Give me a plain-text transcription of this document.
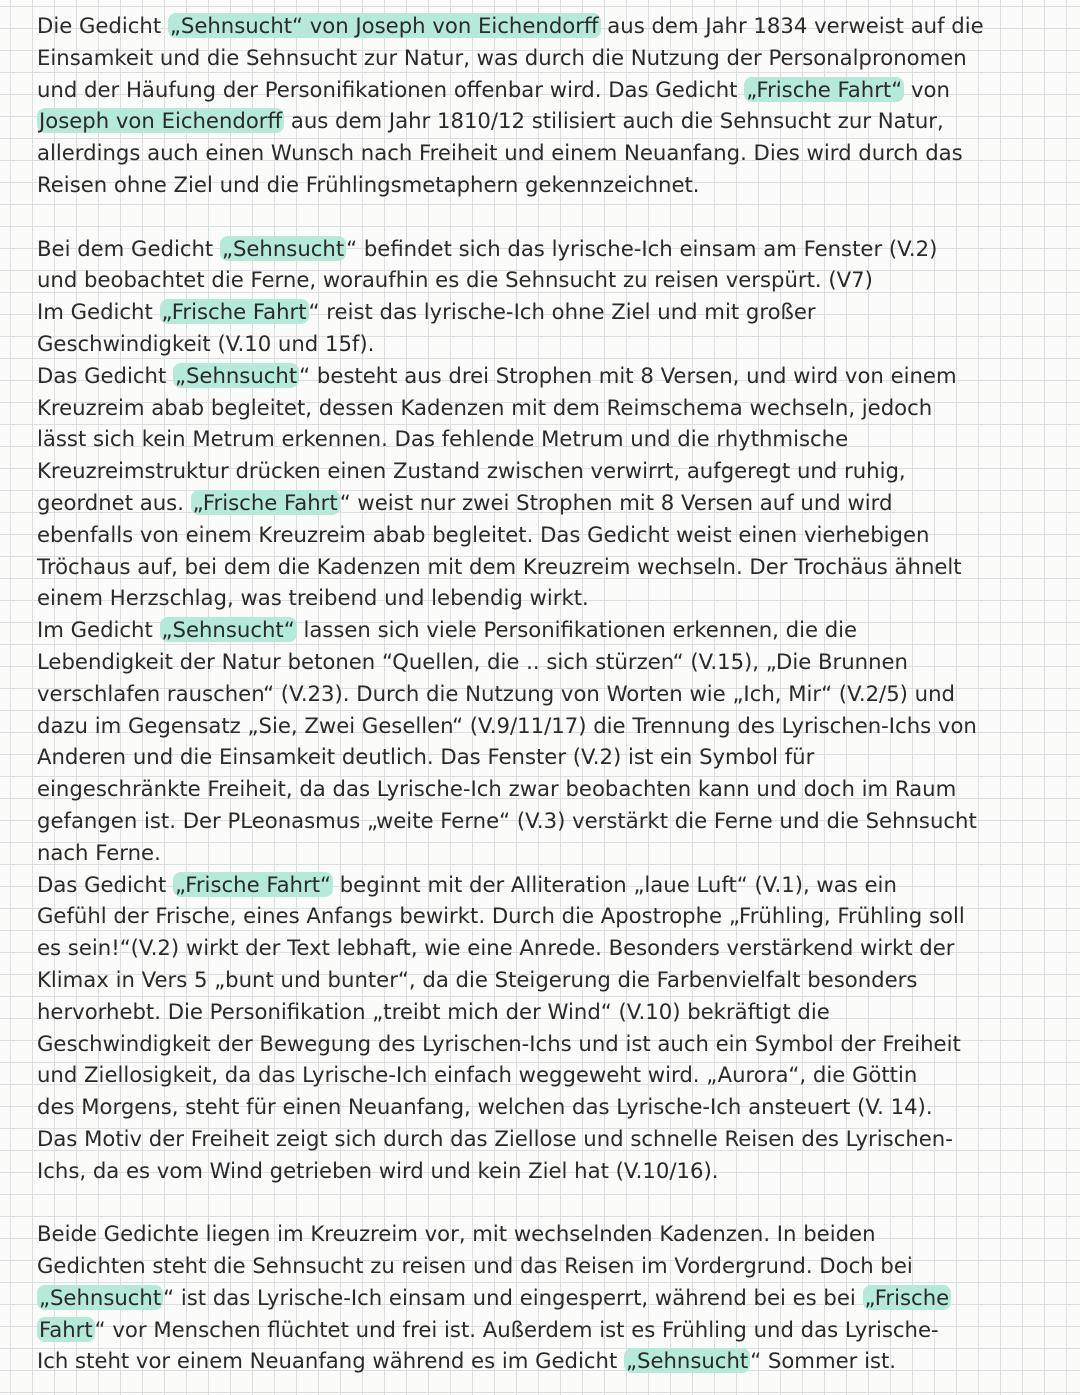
Die Gedicht „Sehnsucht“ von Joseph von Eichendorff aus dem Jahr 1834 verweist auf die
Einsamkeit und die Sehnsucht zur Natur, was durch die Nutzung der Personalpronomen
und der Häufung der Personifikationen offenbar wird. Das Gedicht „Frische Fahrt“ von
Joseph von Eichendorff aus dem Jahr 1810/12 stilisiert auch die Sehnsucht zur Natur,
allerdings auch einen Wunsch nach Freiheit und einem Neuanfang. Dies wird durch das
Reisen ohne Ziel und die Frühlingsmetaphern gekennzeichnet.
Bei dem Gedicht „Sehnsucht“ befindet sich das lyrische-Ich einsam am Fenster (V.2)
und beobachtet die Ferne, woraufhin es die Sehnsucht zu reisen verspürt. (V7)
Im Gedicht „Frische Fahrt“ reist das lyrische-Ich ohne Ziel und mit großer
Geschwindigkeit (V.10 und 15f).
Das Gedicht „Sehnsucht“ besteht aus drei Strophen mit 8 Versen, und wird von einem
Kreuzreim abab begleitet, dessen Kadenzen mit dem Reimschema wechseln, jedoch
lässt sich kein Metrum erkennen. Das fehlende Metrum und die rhythmische
Kreuzreimstruktur drücken einen Zustand zwischen verwirrt, aufgeregt und ruhig,
geordnet aus. „Frische Fahrt“ weist nur zwei Strophen mit 8 Versen auf und wird
ebenfalls von einem Kreuzreim abab begleitet. Das Gedicht weist einen vierhebigen
Tröchaus auf, bei dem die Kadenzen mit dem Kreuzreim wechseln. Der Trochäus ähnelt
einem Herzschlag, was treibend und lebendig wirkt.
Im Gedicht „Sehnsucht“ lassen sich viele Personifikationen erkennen, die die
Lebendigkeit der Natur betonen “Quellen, die .. sich stürzen“ (V.15), „Die Brunnen
verschlafen rauschen“ (V.23). Durch die Nutzung von Worten wie „Ich, Mir“ (V.2/5) und
dazu im Gegensatz „Sie, Zwei Gesellen“ (V.9/11/17) die Trennung des Lyrischen-Ichs von
Anderen und die Einsamkeit deutlich. Das Fenster (V.2) ist ein Symbol für
eingeschränkte Freiheit, da das Lyrische-Ich zwar beobachten kann und doch im Raum
gefangen ist. Der PLeonasmus „weite Ferne“ (V.3) verstärkt die Ferne und die Sehnsucht
nach Ferne.
Das Gedicht „Frische Fahrt“ beginnt mit der Alliteration „laue Luft“ (V.1), was ein
Gefühl der Frische, eines Anfangs bewirkt. Durch die Apostrophe „Frühling, Frühling soll
es sein!“(V.2) wirkt der Text lebhaft, wie eine Anrede. Besonders verstärkend wirkt der
Klimax in Vers 5 „bunt und bunter“, da die Steigerung die Farbenvielfalt besonders
hervorhebt. Die Personifikation „treibt mich der Wind“ (V.10) bekräftigt die
Geschwindigkeit der Bewegung des Lyrischen-Ichs und ist auch ein Symbol der Freiheit
und Ziellosigkeit, da das Lyrische-Ich einfach weggeweht wird. „Aurora“, die Göttin
des Morgens, steht für einen Neuanfang, welchen das Lyrische-Ich ansteuert (V. 14).
Das Motiv der Freiheit zeigt sich durch das Ziellose und schnelle Reisen des Lyrischen-
Ichs, da es vom Wind getrieben wird und kein Ziel hat (V.10/16).
Beide Gedichte liegen im Kreuzreim vor, mit wechselnden Kadenzen. In beiden
Gedichten steht die Sehnsucht zu reisen und das Reisen im Vordergrund. Doch bei
„Sehnsucht“ ist das Lyrische-Ich einsam und eingesperrt, während bei es bei „Frische
Fahrt“ vor Menschen flüchtet und frei ist. Außerdem ist es Frühling und das Lyrische-
Ich steht vor einem Neuanfang während es im Gedicht „Sehnsucht“ Sommer ist.
